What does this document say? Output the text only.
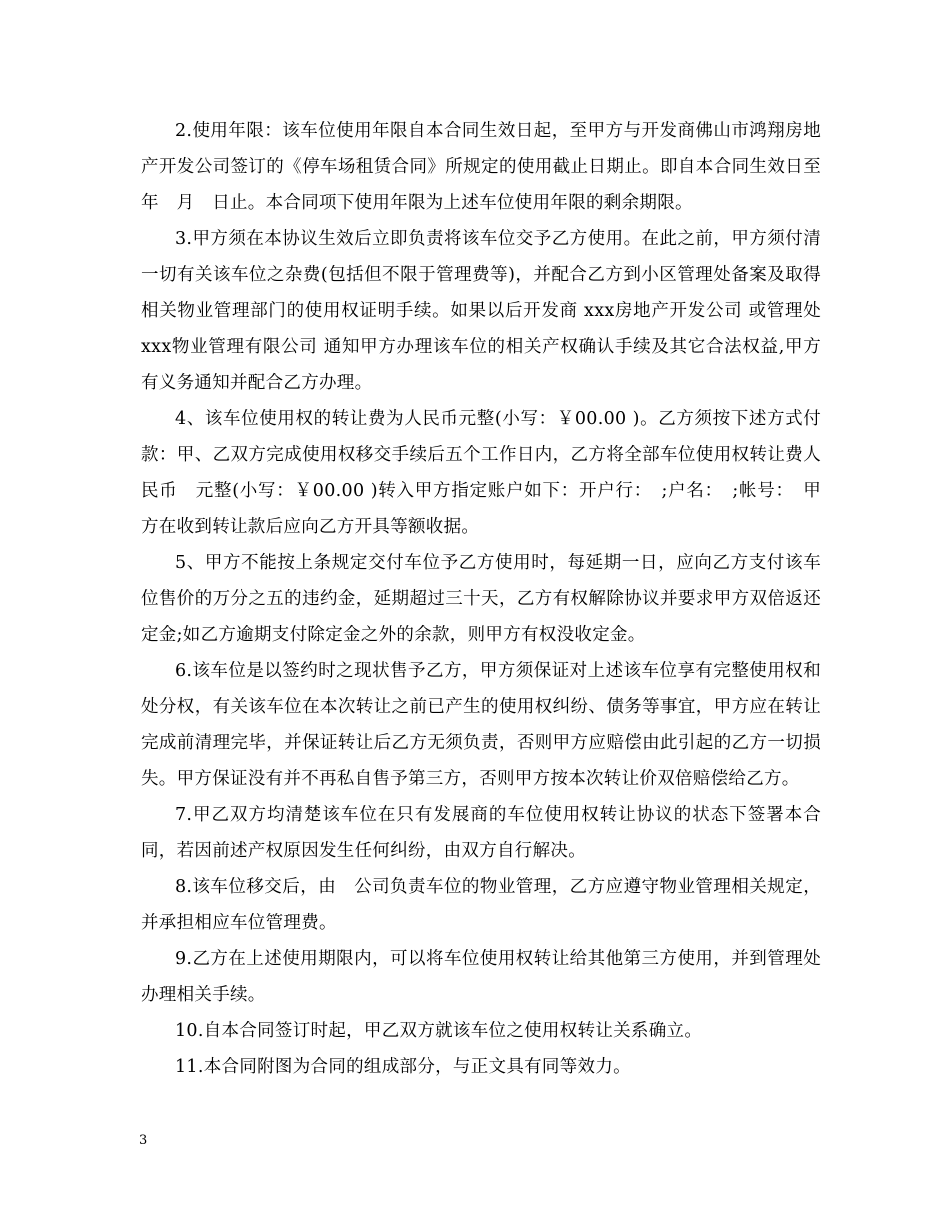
2.使用年限：该车位使用年限自本合同生效日起，至甲方与开发商佛山市鸿翔房地产开发公司签订的《停车场租赁合同》所规定的使用截止日期止。即自本合同生效日至　年　月　日止。本合同项下使用年限为上述车位使用年限的剩余期限。

3.甲方须在本协议生效后立即负责将该车位交予乙方使用。在此之前，甲方须付清一切有关该车位之杂费(包括但不限于管理费等)，并配合乙方到小区管理处备案及取得相关物业管理部门的使用权证明手续。如果以后开发商 xxx房地产开发公司 或管理处 xxx物业管理有限公司 通知甲方办理该车位的相关产权确认手续及其它合法权益,甲方有义务通知并配合乙方办理。

4、该车位使用权的转让费为人民币元整(小写：￥00.00 )。乙方须按下述方式付款：甲、乙双方完成使用权移交手续后五个工作日内，乙方将全部车位使用权转让费人民币　元整(小写：￥00.00 )转入甲方指定账户如下：开户行：　;户名：　;帐号：　甲方在收到转让款后应向乙方开具等额收据。

5、甲方不能按上条规定交付车位予乙方使用时，每延期一日，应向乙方支付该车位售价的万分之五的违约金，延期超过三十天，乙方有权解除协议并要求甲方双倍返还定金;如乙方逾期支付除定金之外的余款，则甲方有权没收定金。

6.该车位是以签约时之现状售予乙方，甲方须保证对上述该车位享有完整使用权和处分权，有关该车位在本次转让之前已产生的使用权纠纷、债务等事宜，甲方应在转让完成前清理完毕，并保证转让后乙方无须负责，否则甲方应赔偿由此引起的乙方一切损失。甲方保证没有并不再私自售予第三方，否则甲方按本次转让价双倍赔偿给乙方。

7.甲乙双方均清楚该车位在只有发展商的车位使用权转让协议的状态下签署本合同，若因前述产权原因发生任何纠纷，由双方自行解决。

8.该车位移交后，由　公司负责车位的物业管理，乙方应遵守物业管理相关规定，并承担相应车位管理费。

9.乙方在上述使用期限内，可以将车位使用权转让给其他第三方使用，并到管理处办理相关手续。

10.自本合同签订时起，甲乙双方就该车位之使用权转让关系确立。

11.本合同附图为合同的组成部分，与正文具有同等效力。

3
